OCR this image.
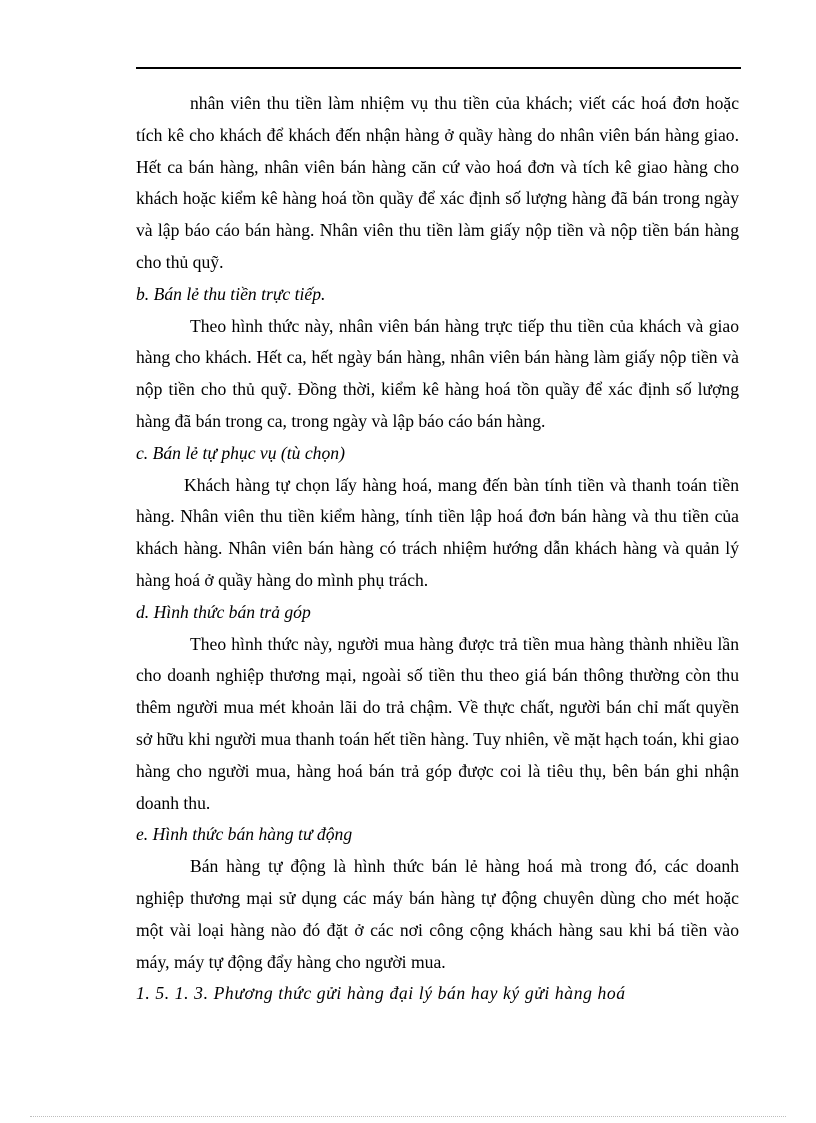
nhân viên thu tiền làm nhiệm vụ thu tiền của khách; viết các hoá đơn hoặc tích kê cho khách để khách đến nhận hàng ở quầy hàng do nhân viên bán hàng giao. Hết ca bán hàng, nhân viên bán hàng căn cứ vào hoá đơn và tích kê giao hàng cho khách hoặc kiểm kê hàng hoá tồn quầy để xác định số lượng hàng đã bán trong ngày và lập báo cáo bán hàng. Nhân viên thu tiền làm giấy nộp tiền và nộp tiền bán hàng cho thủ quỹ.

b. Bán lẻ thu tiền trực tiếp.

Theo hình thức này, nhân viên bán hàng trực tiếp thu tiền của khách và giao hàng cho khách. Hết ca, hết ngày bán hàng, nhân viên bán hàng làm giấy nộp tiền và nộp tiền cho thủ quỹ. Đồng thời, kiểm kê hàng hoá tồn quầy để xác định số lượng hàng đã bán trong ca, trong ngày và lập báo cáo bán hàng.

c. Bán lẻ tự phục vụ (tù chọn)

Khách hàng tự chọn lấy hàng hoá, mang đến bàn tính tiền và thanh toán tiền hàng. Nhân viên thu tiền kiểm hàng, tính tiền lập hoá đơn bán hàng và thu tiền của khách hàng. Nhân viên bán hàng có trách nhiệm hướng dẫn khách hàng và quản lý hàng hoá ở quầy hàng do mình phụ trách.

d. Hình thức bán trả góp

Theo hình thức này, người mua hàng được trả tiền mua hàng thành nhiều lần cho doanh nghiệp thương mại, ngoài số tiền thu theo giá bán thông thường còn thu thêm người mua mét khoản lãi do trả chậm. Về thực chất, người bán chỉ mất quyền sở hữu khi người mua thanh toán hết tiền hàng. Tuy nhiên, về mặt hạch toán, khi giao hàng cho người mua, hàng hoá bán trả góp được coi là tiêu thụ, bên bán ghi nhận doanh thu.

e. Hình thức bán hàng tư động

Bán hàng tự động là hình thức bán lẻ hàng hoá mà trong đó, các doanh nghiệp thương mại sử dụng các máy bán hàng tự động chuyên dùng cho mét hoặc một vài loại hàng nào đó đặt ở các nơi công cộng khách hàng sau khi bá tiền vào máy, máy tự động đẩy hàng cho người mua.

1. 5. 1. 3. Phương thức gửi hàng đại lý bán hay ký gửi hàng hoá
